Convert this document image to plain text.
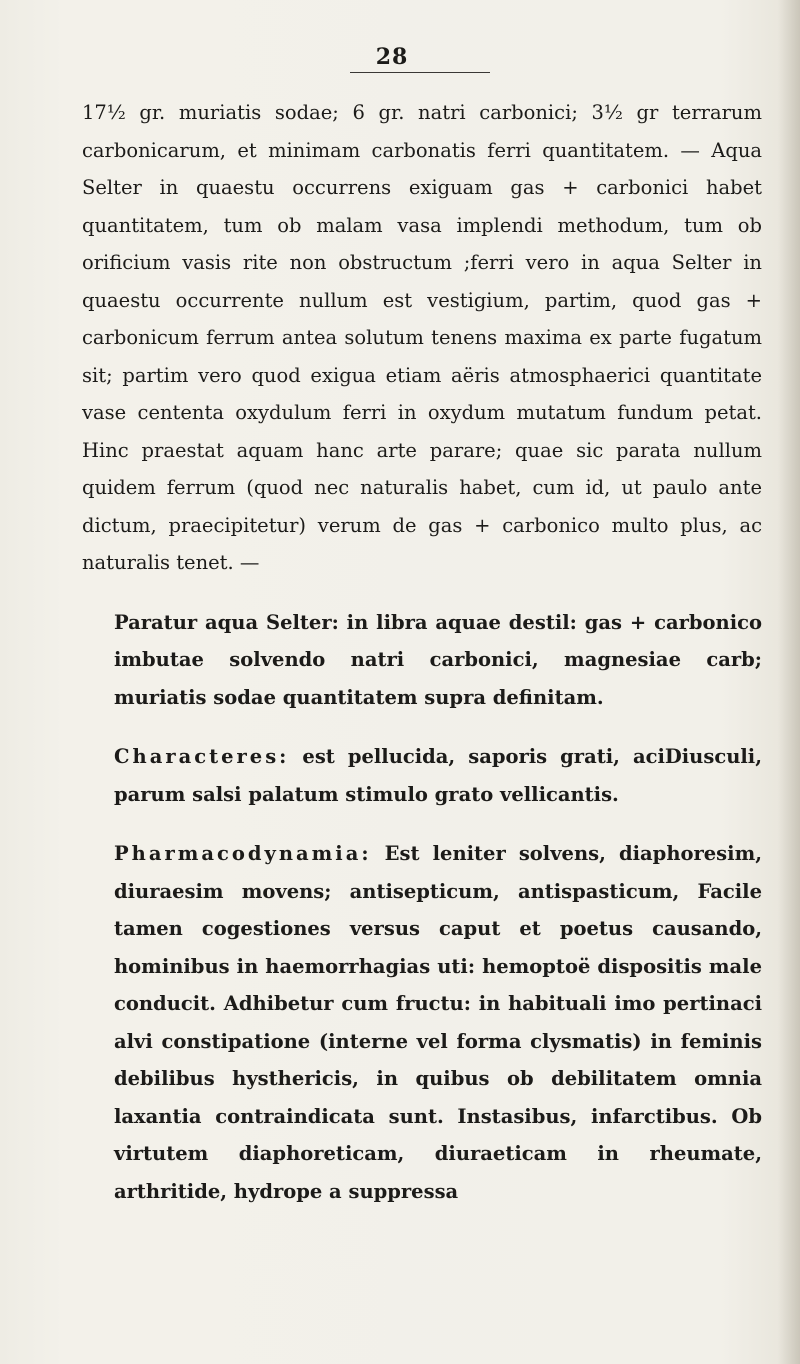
28

17½ gr. muriatis sodae; 6 gr. natri carbonici; 3½ gr terrarum carbonicarum, et minimam carbonatis ferri quantitatem. — Aqua Selter in quaestu occurrens exiguam gas + carbonici habet quantitatem, tum ob malam vasa implendi methodum, tum ob orificium vasis rite non obstructum ;ferri vero in aqua Selter in quaestu occurrente nullum est vestigium, partim, quod gas + carbonicum ferrum antea solutum tenens maxima ex parte fugatum sit; partim vero quod exigua etiam aëris atmosphaerici quantitate vase cententa oxydulum ferri in oxydum mutatum fundum petat. Hinc praestat aquam hanc arte parare; quae sic parata nullum quidem ferrum (quod nec naturalis habet, cum id, ut paulo ante dictum, praecipitetur) verum de gas + carbonico multo plus, ac naturalis tenet. —

Paratur aqua Selter: in libra aquae destil: gas + carbonico imbutae solvendo natri carbonici, magnesiae carb; muriatis sodae quantitatem supra definitam.

Characteres: est pellucida, saporis grati, aciDiusculi, parum salsi palatum stimulo grato vellicantis.

Pharmacodynamia: Est leniter solvens, diaphoresim, diuraesim movens; antisepticum, antispasticum, Facile tamen cogestiones versus caput et poetus causando, hominibus in haemorrhagias uti: hemoptoë dispositis male conducit. Adhibetur cum fructu: in habituali imo pertinaci alvi constipatione (interne vel forma clysmatis) in feminis debilibus hysthericis, in quibus ob debilitatem omnia laxantia contraindicata sunt. Instasibus, infarctibus. Ob virtutem diaphoreticam, diuraeticam in rheumate, arthritide, hydrope a suppressa
